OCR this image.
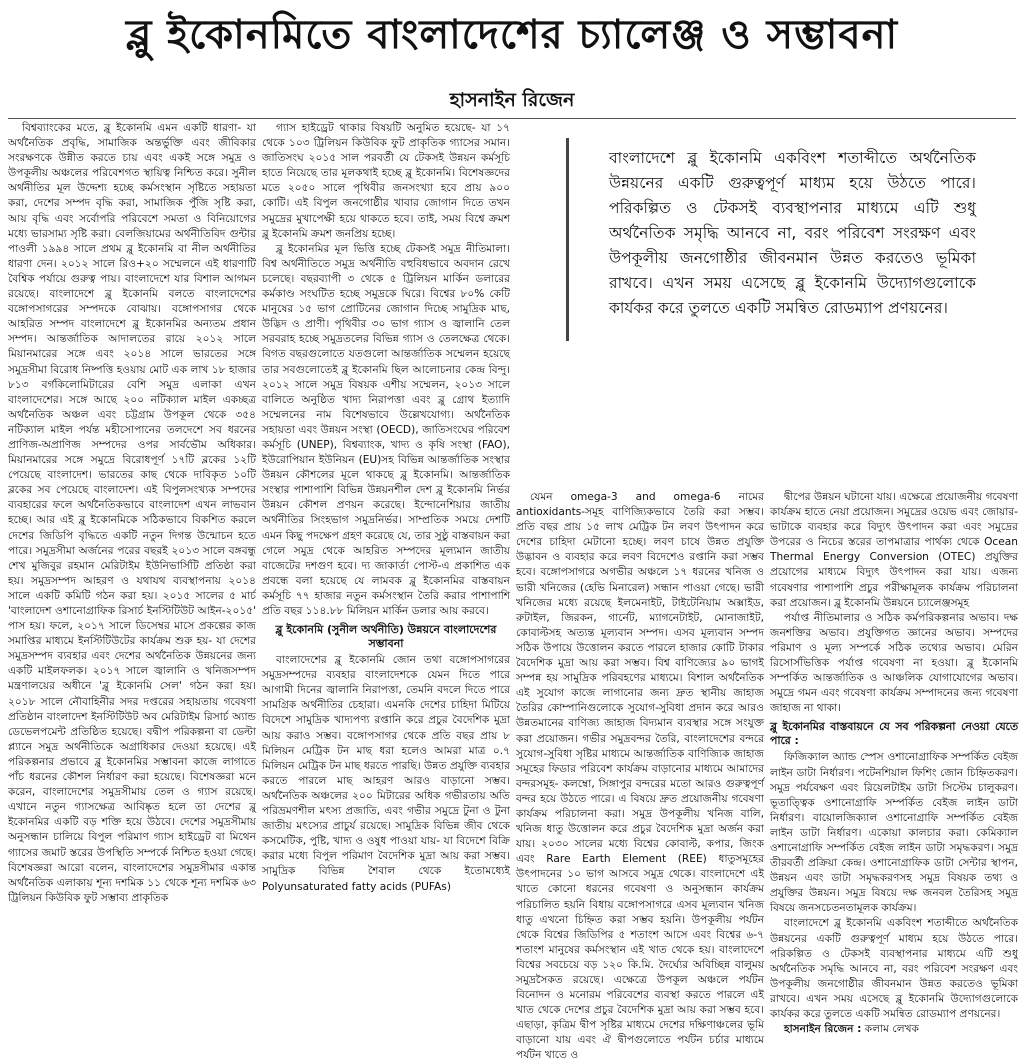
ব্লু ইকোনমিতে বাংলাদেশের চ্যালেঞ্জ ও সম্ভাবনা
হাসনাইন রিজেন

বিশ্বব্যাংকের মতে, ব্লু ইকোনমি এমন একটি ধারণা- যা অর্থনৈতিক প্রবৃদ্ধি, সামাজিক অন্তর্ভুক্তি এবং জীবিকার সংরক্ষণকে উন্নীত করতে চায় এবং একই সঙ্গে সমুদ্র ও উপকূলীয় অঞ্চলের পরিবেশগত স্থায়িত্ব নিশ্চিত করে। সুনীল অর্থনীতির মূল উদ্দেশ্য হচ্ছে কর্মসংস্থান সৃষ্টিতে সহায়তা করা, দেশের সম্পদ বৃদ্ধি করা, সামাজিক পুঁজি সৃষ্টি করা, আয় বৃদ্ধি এবং সর্বোপরি পরিবেশে সমতা ও বিনিয়োগের মধ্যে ভারসাম্য সৃষ্টি করা। বেলজিয়ামের অর্থনীতিবিদ গুন্টার পাওলী ১৯৯৪ সালে প্রথম ব্লু ইকোনমি বা নীল অর্থনীতির ধারণা দেন। ২০১২ সালে রিও+২০ সম্মেলনে এই ধারণাটি বৈশ্বিক পর্যায়ে গুরুত্ব পায়। বাংলাদেশে যার বিশাল আগমন রয়েছে। বাংলাদেশে ব্লু ইকোনমি বলতে বাংলাদেশের বঙ্গোপসাগরের সম্পদকে বোঝায়। বঙ্গোপসাগর থেকে আহরিত সম্পদ বাংলাদেশে ব্লু ইকোনমির অন্যতম প্রধান সম্পদ। আন্তর্জাতিক আদালতের রায়ে ২০১২ সালে মিয়ানমারের সঙ্গে এবং ২০১৪ সালে ভারতের সঙ্গে সমুদ্রসীমা বিরোধ নিষ্পত্তি হওয়ায় মোট এক লাখ ১৮ হাজার ৮১৩ বর্গকিলোমিটারের বেশি সমুদ্র এলাকা এখন বাংলাদেশের। সঙ্গে আছে ২০০ নটিক্যাল মাইল একচ্ছত্র অর্থনৈতিক অঞ্চল এবং চট্টগ্রাম উপকূল থেকে ৩৫৪ নটিক্যাল মাইল পর্যন্ত মহীসোপানের তলদেশে সব ধরনের প্রাণিজ-অপ্রাণিজ সম্পদের ওপর সার্বভৌম অধিকার। মিয়ানমারের সঙ্গে সমুদ্রে বিরোধপূর্ণ ১৭টি ব্লকের ১২টি পেয়েছে বাংলাদেশ। ভারতের কাছ থেকে দাবিকৃত ১০টি ব্লকের সব পেয়েছে বাংলাদেশ। এই বিপুলসংখ্যক সম্পদের ব্যবহারের ফলে অর্থনৈতিকভাবে বাংলাদেশ এখন লাভবান হচ্ছে। আর এই ব্লু ইকোনমিকে সঠিকভাবে বিকশিত করলে দেশের জিডিপি বৃদ্ধিতে একটি নতুন দিগন্ত উন্মোচন হতে পারে। সমুদ্রসীমা অর্জনের পরের বছরই ২০১৩ সালে বঙ্গবন্ধু শেখ মুজিবুর রহমান মেরিটাইম ইউনিভার্সিটি প্রতিষ্ঠা করা হয়। সমুদ্রসম্পদ আহরণ ও যথাযথ ব্যবস্থাপনায় ২০১৪ সালে একটি কমিটি গঠন করা হয়। ২০১৫ সালের ৫ মার্চ 'বাংলাদেশ ওশানোগ্রাফিক রিসার্চ ইনস্টিটিউট আইন-২০১৫' পাস হয়। ফলে, ২০১৭ সালে ডিসেম্বর মাসে প্রকল্পের কাজ সমাপ্তির মাধ্যমে ইনস্টিটিউটের কার্যক্রম শুরু হয়- যা দেশের সমুদ্রসম্পদ ব্যবহার এবং দেশের অর্থনৈতিক উন্নয়নের জন্য একটি মাইলফলক। ২০১৭ সালে জ্বালানি ও খনিজসম্পদ মন্ত্রণালয়ের অধীনে 'ব্লু ইকোনমি সেল' গঠন করা হয়। ২০১৮ সালে নৌবাহিনীর সদর দপ্তরের সহায়তায় গবেষণা প্রতিষ্ঠান বাংলাদেশ ইনস্টিটিউট অব মেরিটাইম রিসার্চ অ্যান্ড ডেভেলপমেন্ট প্রতিষ্ঠিত হয়েছে। বদ্বীপ পরিকল্পনা বা ডেল্টা প্ল্যানে সমুদ্র অর্থনীতিকে অগ্রাধিকার দেওয়া হয়েছে। এই পরিকল্পনার প্রভাবে ব্লু ইকোনমির সম্ভাবনা কাজে লাগাতে পাঁচ ধরনের কৌশল নির্ধারণ করা হয়েছে। বিশেষজ্ঞরা মনে করেন, বাংলাদেশের সমুদ্রসীমায় তেল ও গ্যাস রয়েছে। এখানে নতুন গ্যাসক্ষেত্র আবিষ্কৃত হলে তা দেশের ব্লু ইকোনমির একটি বড় শক্তি হয়ে উঠবে। দেশের সমুদ্রসীমায় অনুসন্ধান চালিয়ে বিপুল পরিমাণ গ্যাস হাইড্রেট বা মিথেন গ্যাসের জমাট স্তরের উপস্থিতি সম্পর্কে নিশ্চিত হওয়া গেছে। বিশেষজ্ঞরা আরো বলেন, বাংলাদেশের সমুদ্রসীমার একান্ত অর্থনৈতিক এলাকায় শূন্য দশমিক ১১ থেকে শূন্য দশমিক ৬৩ ট্রিলিয়ন কিউবিক ফুট সম্ভাব্য প্রাকৃতিক

গ্যাস হাইড্রেট থাকার বিষয়টি অনুমিত হয়েছে- যা ১৭ থেকে ১০৩ ট্রিলিয়ন কিউবিক ফুট প্রাকৃতিক গ্যাসের সমান। জাতিসংঘ ২০১৫ সাল পরবর্তী যে টেকসই উন্নয়ন কর্মসূচি হাতে নিয়েছে তার মূলকথাই হচ্ছে ব্লু ইকোনমি। বিশেষজ্ঞদের মতে ২০৫০ সালে পৃথিবীর জনসংখ্যা হবে প্রায় ৯০০ কোটি। এই বিপুল জনগোষ্ঠীর খাবার জোগান দিতে তখন সমুদ্রের মুখাপেক্ষী হয়ে থাকতে হবে। তাই, সময় বিশ্বে ক্রমশ ব্লু ইকোনমি ক্রমশ জনপ্রিয় হচ্ছে।

ব্লু ইকোনমির মূল ভিত্তি হচ্ছে টেকসই সমুদ্র নীতিমালা। বিশ্ব অর্থনীতিতে সমুদ্র অর্থনীতি বহুবিধভাবে অবদান রেখে চলেছে। বছরব্যাপী ৩ থেকে ৫ ট্রিলিয়ন মার্কিন ডলারের কর্মকাণ্ড সংঘটিত হচ্ছে সমুদ্রকে ঘিরে। বিশ্বের ৮০% কেটি মানুষের ১৫ ভাগ প্রোটিনের জোগান দিচ্ছে সামুদ্রিক মাছ, উদ্ভিদ ও প্রাণী। পৃথিবীর ৩০ ভাগ গ্যাস ও জ্বালানি তেল সরবরাহ হচ্ছে সমুদ্রতলের বিভিন্ন গ্যাস ও তেলক্ষেত্র থেকে। বিগত বছরগুলোতে যতগুলো আন্তর্জাতিক সম্মেলন হয়েছে তার সবগুলোতেই ব্লু ইকোনমি ছিল আলোচনার কেন্দ্র বিন্দু। ২০১২ সালে সমুদ্র বিষয়ক এশীয় সম্মেলন, ২০১৩ সালে বালিতে অনুষ্ঠিত খাদ্য নিরাপত্তা এবং ব্লু গ্রোথ ইত্যাদি সম্মেলনের নাম বিশেষভাবে উল্লেখযোগ্য। অর্থনৈতিক সহায়তা এবং উন্নয়ন সংস্থা (OECD), জাতিসংঘের পরিবেশ কর্মসূচি (UNEP), বিশ্বব্যাংক, খাদ্য ও কৃষি সংস্থা (FAO), ইউরোপিয়ান ইউনিয়ন (EU)সহ বিভিন্ন আন্তর্জাতিক সংস্থার উন্নয়ন কৌশলের মূলে থাকছে ব্লু ইকোনমি। আন্তর্জাতিক সংস্থার পাশাপাশি বিভিন্ন উন্নয়নশীল দেশ ব্লু ইকোনমি নির্ভর উন্নয়ন কৌশল প্রণয়ন করেছে। ইন্দোনেশিয়ার জাতীয় অর্থনীতির সিংহভাগ সমুদ্রনির্ভর। সাম্প্রতিক সময়ে দেশটি এমন কিছু পদক্ষেপ গ্রহণ করেছে যে, তার সুষ্ঠু বাস্তবায়ন করা গেলে সমুদ্র থেকে আহরিত সম্পদের মূল্যমান জাতীয় বাজেটের দশগুণ হবে। দ্য জাকার্তা পোস্ট-এ প্রকাশিত এক প্রবন্ধে বলা হয়েছে যে লামবক ব্লু ইকোনমির বাস্তবায়ন কর্মসূচি ৭৭ হাজার নতুন কর্মসংস্থান তৈরি করার পাশাপাশি প্রতি বছর ১১৪.৮৮ মিলিয়ন মার্কিন ডলার আয় করবে।

ব্লু ইকোনমি (সুনীল অর্থনীতি) উন্নয়নে বাংলাদেশের সম্ভাবনা

বাংলাদেশের ব্লু ইকোনমি জোন তথা বঙ্গোপসাগরের সমুদ্রসম্পদের ব্যবহার বাংলাদেশকে যেমন দিতে পারে আগামী দিনের জ্বালানি নিরাপত্তা, তেমনি বদলে দিতে পারে সামগ্রিক অর্থনীতির চেহারা। এমনকি দেশের চাহিদা মিটিয়ে বিদেশে সামুদ্রিক খাদ্যপণ্য রপ্তানি করে প্রচুর বৈদেশিক মুদ্রা আয় করাও সম্ভব। বঙ্গোপসাগর থেকে প্রতি বছর প্রায় ৮ মিলিয়ন মেট্রিক টন মাছ ধরা হলেও আমরা মাত্র ০.৭ মিলিয়ন মেট্রিক টন মাছ ধরতে পারছি। উন্নত প্রযুক্তি ব্যবহার করতে পারলে মাছ আহরণ আরও বাড়ানো সম্ভব। অর্থনৈতিক অঞ্চলের ২০০ মিটারের অধিক গভীরতায় অতি পরিভ্রমণশীল মৎস্য প্রজাতি, এবং গভীর সমুদ্রে টুনা ও টুনা জাতীয় মৎস্যের প্রাচুর্য রয়েছে। সামুদ্রিক বিভিন্ন জীব থেকে কসমেটিক, পুষ্টি, খাদ্য ও ওষুধ পাওয়া যায়- যা বিদেশে বিক্রি করার মধ্যে বিপুল পরিমাণ বৈদেশিক মুদ্রা আয় করা সম্ভব। সামুদ্রিক বিভিন্ন শৈবাল থেকে ইতোমধ্যেই Polyunsaturated fatty acids (PUFAs)

বাংলাদেশে ব্লু ইকোনমি একবিংশ শতাব্দীতে অর্থনৈতিক উন্নয়নের একটি গুরুত্বপূর্ণ মাধ্যম হয়ে উঠতে পারে। পরিকল্পিত ও টেকসই ব্যবস্থাপনার মাধ্যমে এটি শুধু অর্থনৈতিক সমৃদ্ধি আনবে না, বরং পরিবেশ সংরক্ষণ এবং উপকূলীয় জনগোষ্ঠীর জীবনমান উন্নত করতেও ভূমিকা রাখবে। এখন সময় এসেছে ব্লু ইকোনমি উদ্যোগগুলোকে কার্যকর করে তুলতে একটি সমন্বিত রোডম্যাপ প্রণয়নের।

যেমন omega-3 and omega-6 নামের antioxidants-সমূহ বাণিজ্যিকভাবে তৈরি করা সম্ভব। প্রতি বছর প্রায় ১৫ লাখ মেট্রিক টন লবণ উৎপাদন করে দেশের চাহিদা মেটানো হচ্ছে। লবণ চাষে উন্নত প্রযুক্তি উদ্ভাবন ও ব্যবহার করে লবণ বিদেশেও রপ্তানি করা সম্ভব হবে। বঙ্গোপসাগরে অগভীর অঞ্চলে ১৭ ধরনের খনিজ ও ভারী খনিজের (হেভি মিনারেল) সন্ধান পাওয়া গেছে। ভারী খনিজের মধ্যে রয়েছে ইলমেনাইট, টাইটেনিয়াম অক্সাইড, রুটাইল, জিরকন, গার্নেট, ম্যাগনেটাইট, মোনাজাইট, কোবাল্টসহ অত্যন্ত মূল্যবান সম্পদ। এসব মূল্যবান সম্পদ সঠিক উপায়ে উত্তোলন করতে পারলে হাজার কোটি টাকার বৈদেশিক মুদ্রা আয় করা সম্ভব। বিশ্ব বাণিজ্যের ৯০ ভাগই সম্পন্ন হয় সামুদ্রিক পরিবহণের মাধ্যমে। বিশাল অর্থনৈতিক এই সুযোগ কাজে লাগানোর জন্য দ্রুত স্থানীয় জাহাজ তৈরির কোম্পানিগুলোকে সুযোগ-সুবিধা প্রদান করে আরও উন্নতমানের বাণিজ্য জাহাজ বিদ্যমান ব্যবস্থার সঙ্গে সংযুক্ত করা প্রয়োজন। গভীর সমুদ্রবন্দর তৈরি, বাংলাদেশের বন্দরে সুযোগ-সুবিধা সৃষ্টির মাধ্যমে আন্তর্জাতিক বাণিজ্যিক জাহাজ সমূহের ফিডার পরিবেশ কার্যক্রম বাড়ানোর মাধ্যমে আমাদের বন্দরসমূহ- কলম্বো, সিঙ্গাপুর বন্দরের মতো আরও গুরুত্বপূর্ণ বন্দর হয়ে উঠতে পারে। এ বিষয়ে দ্রুত প্রয়োজনীয় গবেষণা কার্যক্রম পরিচালনা করা। সমুদ্র উপকূলীয় খনিজ বালি, খনিজ ধাতু উত্তোলন করে প্রচুর বৈদেশিক মুদ্রা অর্জন করা যায়। ২০৩০ সালের মধ্যে বিশ্বের কোবাল্ট, কপার, জিংক এবং Rare Earth Element (REE) ধাতুসমূহের উৎপাদনের ১০ ভাগ আসবে সমুদ্র থেকে। বাংলাদেশে এই খাতে কোনো ধরনের গবেষণা ও অনুসন্ধান কার্যক্রম পরিচালিত হয়নি বিধায় বঙ্গোপসাগরে এসব মূল্যবান খনিজ ধাতু এখনো চিহ্নিত করা সম্ভব হয়নি। উপকূলীয় পর্যটন থেকে বিশ্বের জিডিপির ৫ শতাংশ আসে এবং বিশ্বের ৬-৭ শতাংশ মানুষের কর্মসংস্থান এই খাত থেকে হয়। বাংলাদেশে বিশ্বের সবচেয়ে বড় ১২০ কি.মি. দৈর্ঘ্যের অবিচ্ছিন্ন বালুময় সমুদ্রসৈকত রয়েছে। এক্ষেত্রে উপকূল অঞ্চলে পর্যটন বিনোদন ও মনোরম পরিবেশের ব্যবস্থা করতে পারলে এই খাত থেকে দেশের প্রচুর বৈদেশিক মুদ্রা আয় করা সম্ভব হবে। এছাড়া, কৃত্রিম দ্বীপ সৃষ্টির মাধ্যমে দেশের দক্ষিণাঞ্চলের ভূমি বাড়ানো যায় এবং ঐ দ্বীপগুলোতে পর্যটন চর্চার মাধ্যমে পর্যটন খাতে ও

দ্বীপের উন্নয়ন ঘটানো যায়। এক্ষেত্রে প্রয়োজনীয় গবেষণা কার্যক্রম হাতে নেয়া প্রয়োজন। সমুদ্রের ওয়েভ এবং জোয়ার-ভাটাকে ব্যবহার করে বিদ্যুৎ উৎপাদন করা এবং সমুদ্রের উপরের ও নিচের স্তরের তাপমাত্রার পার্থক্য থেকে Ocean Thermal Energy Conversion (OTEC) প্রযুক্তির প্রয়োগের মাধ্যমে বিদ্যুৎ উৎপাদন করা যায়। এজন্য গবেষণার পাশাপাশি প্রচুর পরীক্ষামূলক কার্যক্রম পরিচালনা করা প্রয়োজন। ব্লু ইকোনমি উন্নয়নে চ্যালেঞ্জসমূহ

পর্যাপ্ত নীতিমালার ও সঠিক কর্মপরিকল্পনার অভাব। দক্ষ জনশক্তির অভাব। প্রযুক্তিগত জ্ঞানের অভাব। সম্পদের পরিমাণ ও মূল্য সম্পর্কে সঠিক তথ্যের অভাব। মেরিন রিসোর্সভিত্তিক পর্যাপ্ত গবেষণা না হওয়া। ব্লু ইকোনমি সম্পর্কিত আন্তর্জাতিক ও আঞ্চলিক যোগাযোগের অভাব। সমুদ্রে গমন এবং গবেষণা কার্যক্রম সম্পাদনের জন্য গবেষণা জাহাজ না থাকা।

ব্লু ইকোনমির বাস্তবায়নে যে সব পরিকল্পনা নেওয়া যেতে পারে :

ফিজিক্যাল অ্যান্ড স্পেস ওশানোগ্রাফিক সম্পর্কিত বেইজ লাইন ডাটা নির্ধারণ। পটেনশিয়াল ফিশিং জোন চিহ্নিতকরণ। সমুদ্র পর্যবেক্ষণ এবং রিয়েলটাইম ডাটা সিস্টেম চালুকরণ। ভূতাত্ত্বিক ওশানোগ্রাফি সম্পর্কিত বেইজ লাইন ডাটা নির্ধারণ। বায়োলজিক্যাল ওশানোগ্রাফি সম্পর্কিত বেইজ লাইন ডাটা নির্ধারণ। একোয়া কালচার করা। কেমিক্যাল ওশানোগ্রাফি সম্পর্কিত বেইজ লাইন ডাটা সমৃদ্ধকরণ। সমুদ্র তীরবর্তী প্রক্রিয়া কেন্দ্র। ওশানোগ্রাফিক ডাটা সেন্টার স্থাপন, উন্নয়ন এবং ডাটা সমৃদ্ধকরণসহ সমুদ্র বিষয়ক তথ্য ও প্রযুক্তির উন্নয়ন। সমুদ্র বিষয়ে দক্ষ জনবল তৈরিসহ সমুদ্র বিষয়ে জনসচেতনতামূলক কার্যক্রম।

বাংলাদেশে ব্লু ইকোনমি একবিংশ শতাব্দীতে অর্থনৈতিক উন্নয়নের একটি গুরুত্বপূর্ণ মাধ্যম হয়ে উঠতে পারে। পরিকল্পিত ও টেকসই ব্যবস্থাপনার মাধ্যমে এটি শুধু অর্থনৈতিক সমৃদ্ধি আনবে না, বরং পরিবেশ সংরক্ষণ এবং উপকূলীয় জনগোষ্ঠীর জীবনমান উন্নত করতেও ভূমিকা রাখবে। এখন সময় এসেছে ব্লু ইকোনমি উদ্যোগগুলোকে কার্যকর করে তুলতে একটি সমন্বিত রোডম্যাপ প্রণয়নের।

হাসনাইন রিজেন : কলাম লেখক
